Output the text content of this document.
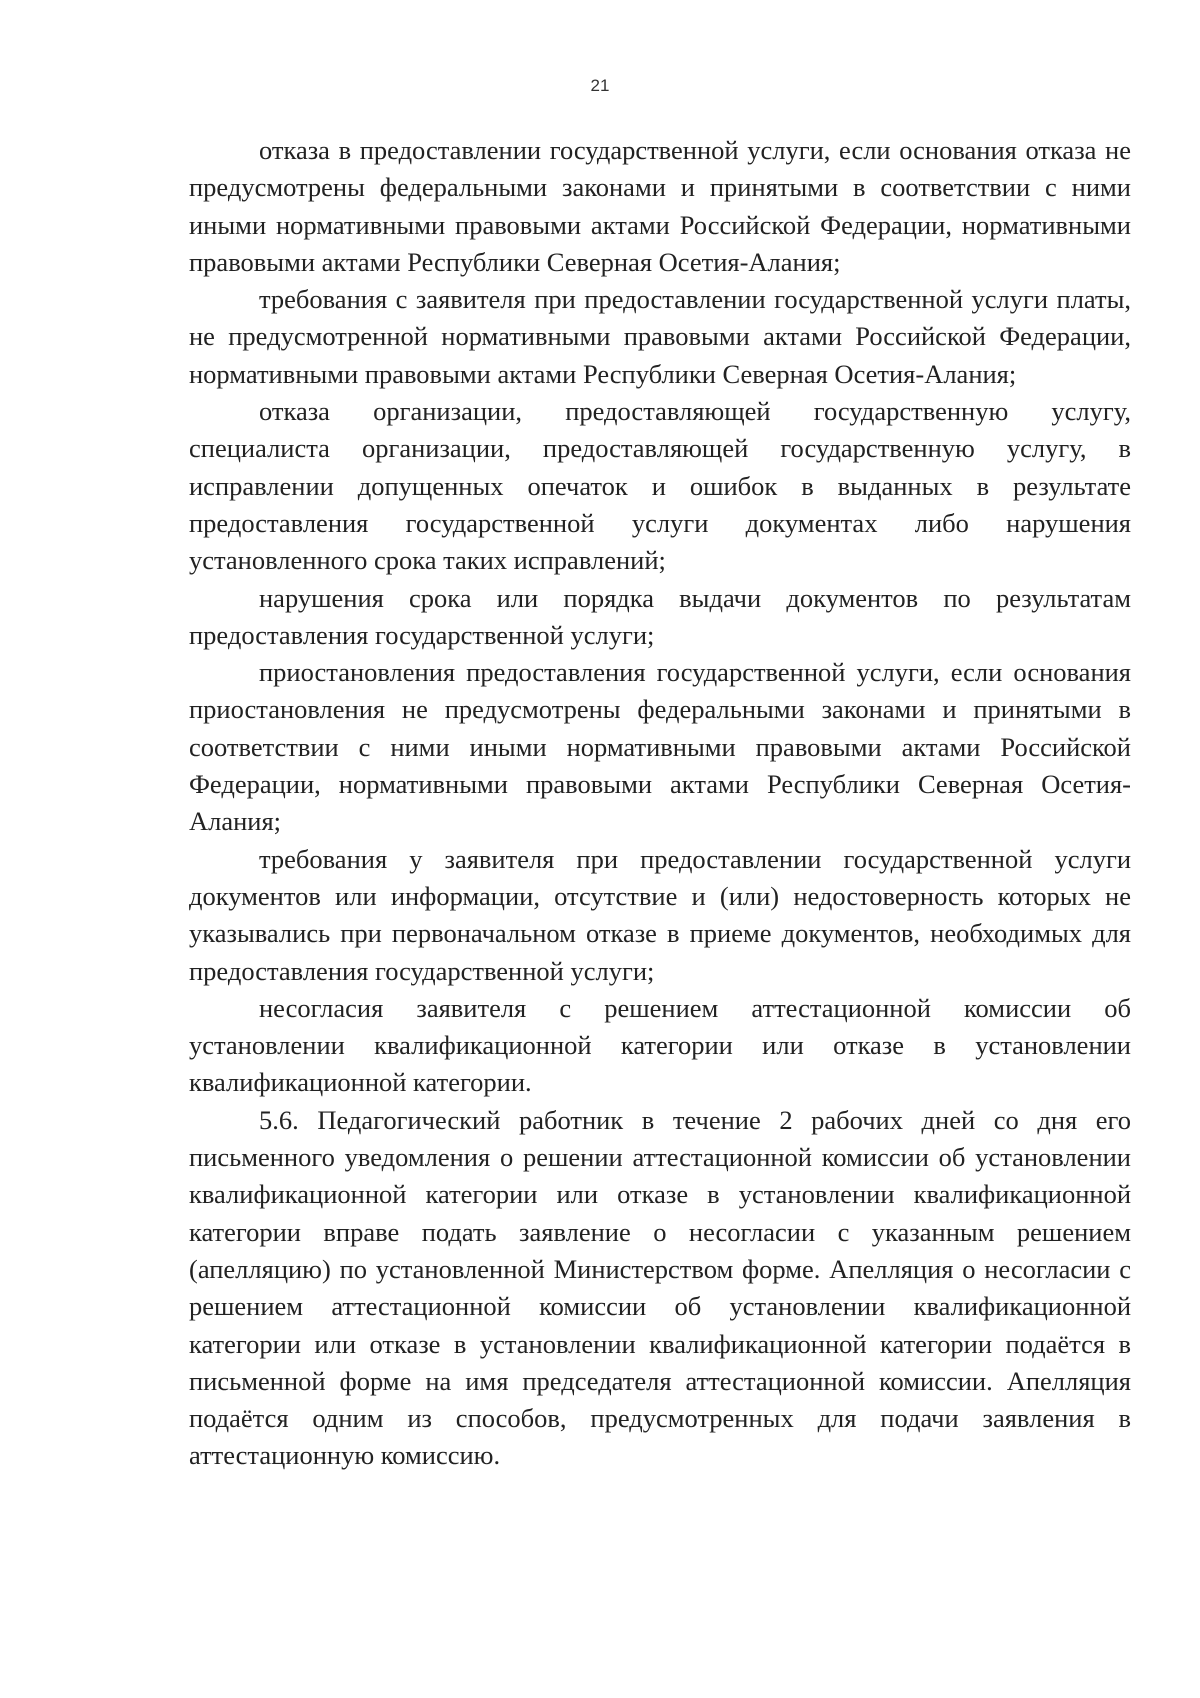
21

отказа в предоставлении государственной услуги, если основания отказа не предусмотрены федеральными законами и принятыми в соответствии с ними иными нормативными правовыми актами Российской Федерации, нормативными правовыми актами Республики Северная Осетия-Алания;

требования с заявителя при предоставлении государственной услуги платы, не предусмотренной нормативными правовыми актами Российской Федерации, нормативными правовыми актами Республики Северная Осетия-Алания;

отказа организации, предоставляющей государственную услугу, специалиста организации, предоставляющей государственную услугу, в исправлении допущенных опечаток и ошибок в выданных в результате предоставления государственной услуги документах либо нарушения установленного срока таких исправлений;

нарушения срока или порядка выдачи документов по результатам предоставления государственной услуги;

приостановления предоставления государственной услуги, если основания приостановления не предусмотрены федеральными законами и принятыми в соответствии с ними иными нормативными правовыми актами Российской Федерации, нормативными правовыми актами Республики Северная Осетия-Алания;

требования у заявителя при предоставлении государственной услуги документов или информации, отсутствие и (или) недостоверность которых не указывались при первоначальном отказе в приеме документов, необходимых для предоставления государственной услуги;

несогласия заявителя с решением аттестационной комиссии об установлении квалификационной категории или отказе в установлении квалификационной категории.

5.6. Педагогический работник в течение 2 рабочих дней со дня его письменного уведомления о решении аттестационной комиссии об установлении квалификационной категории или отказе в установлении квалификационной категории вправе подать заявление о несогласии с указанным решением (апелляцию) по установленной Министерством форме. Апелляция о несогласии с решением аттестационной комиссии об установлении квалификационной категории или отказе в установлении квалификационной категории подаётся в письменной форме на имя председателя аттестационной комиссии. Апелляция подаётся одним из способов, предусмотренных для подачи заявления в аттестационную комиссию.
